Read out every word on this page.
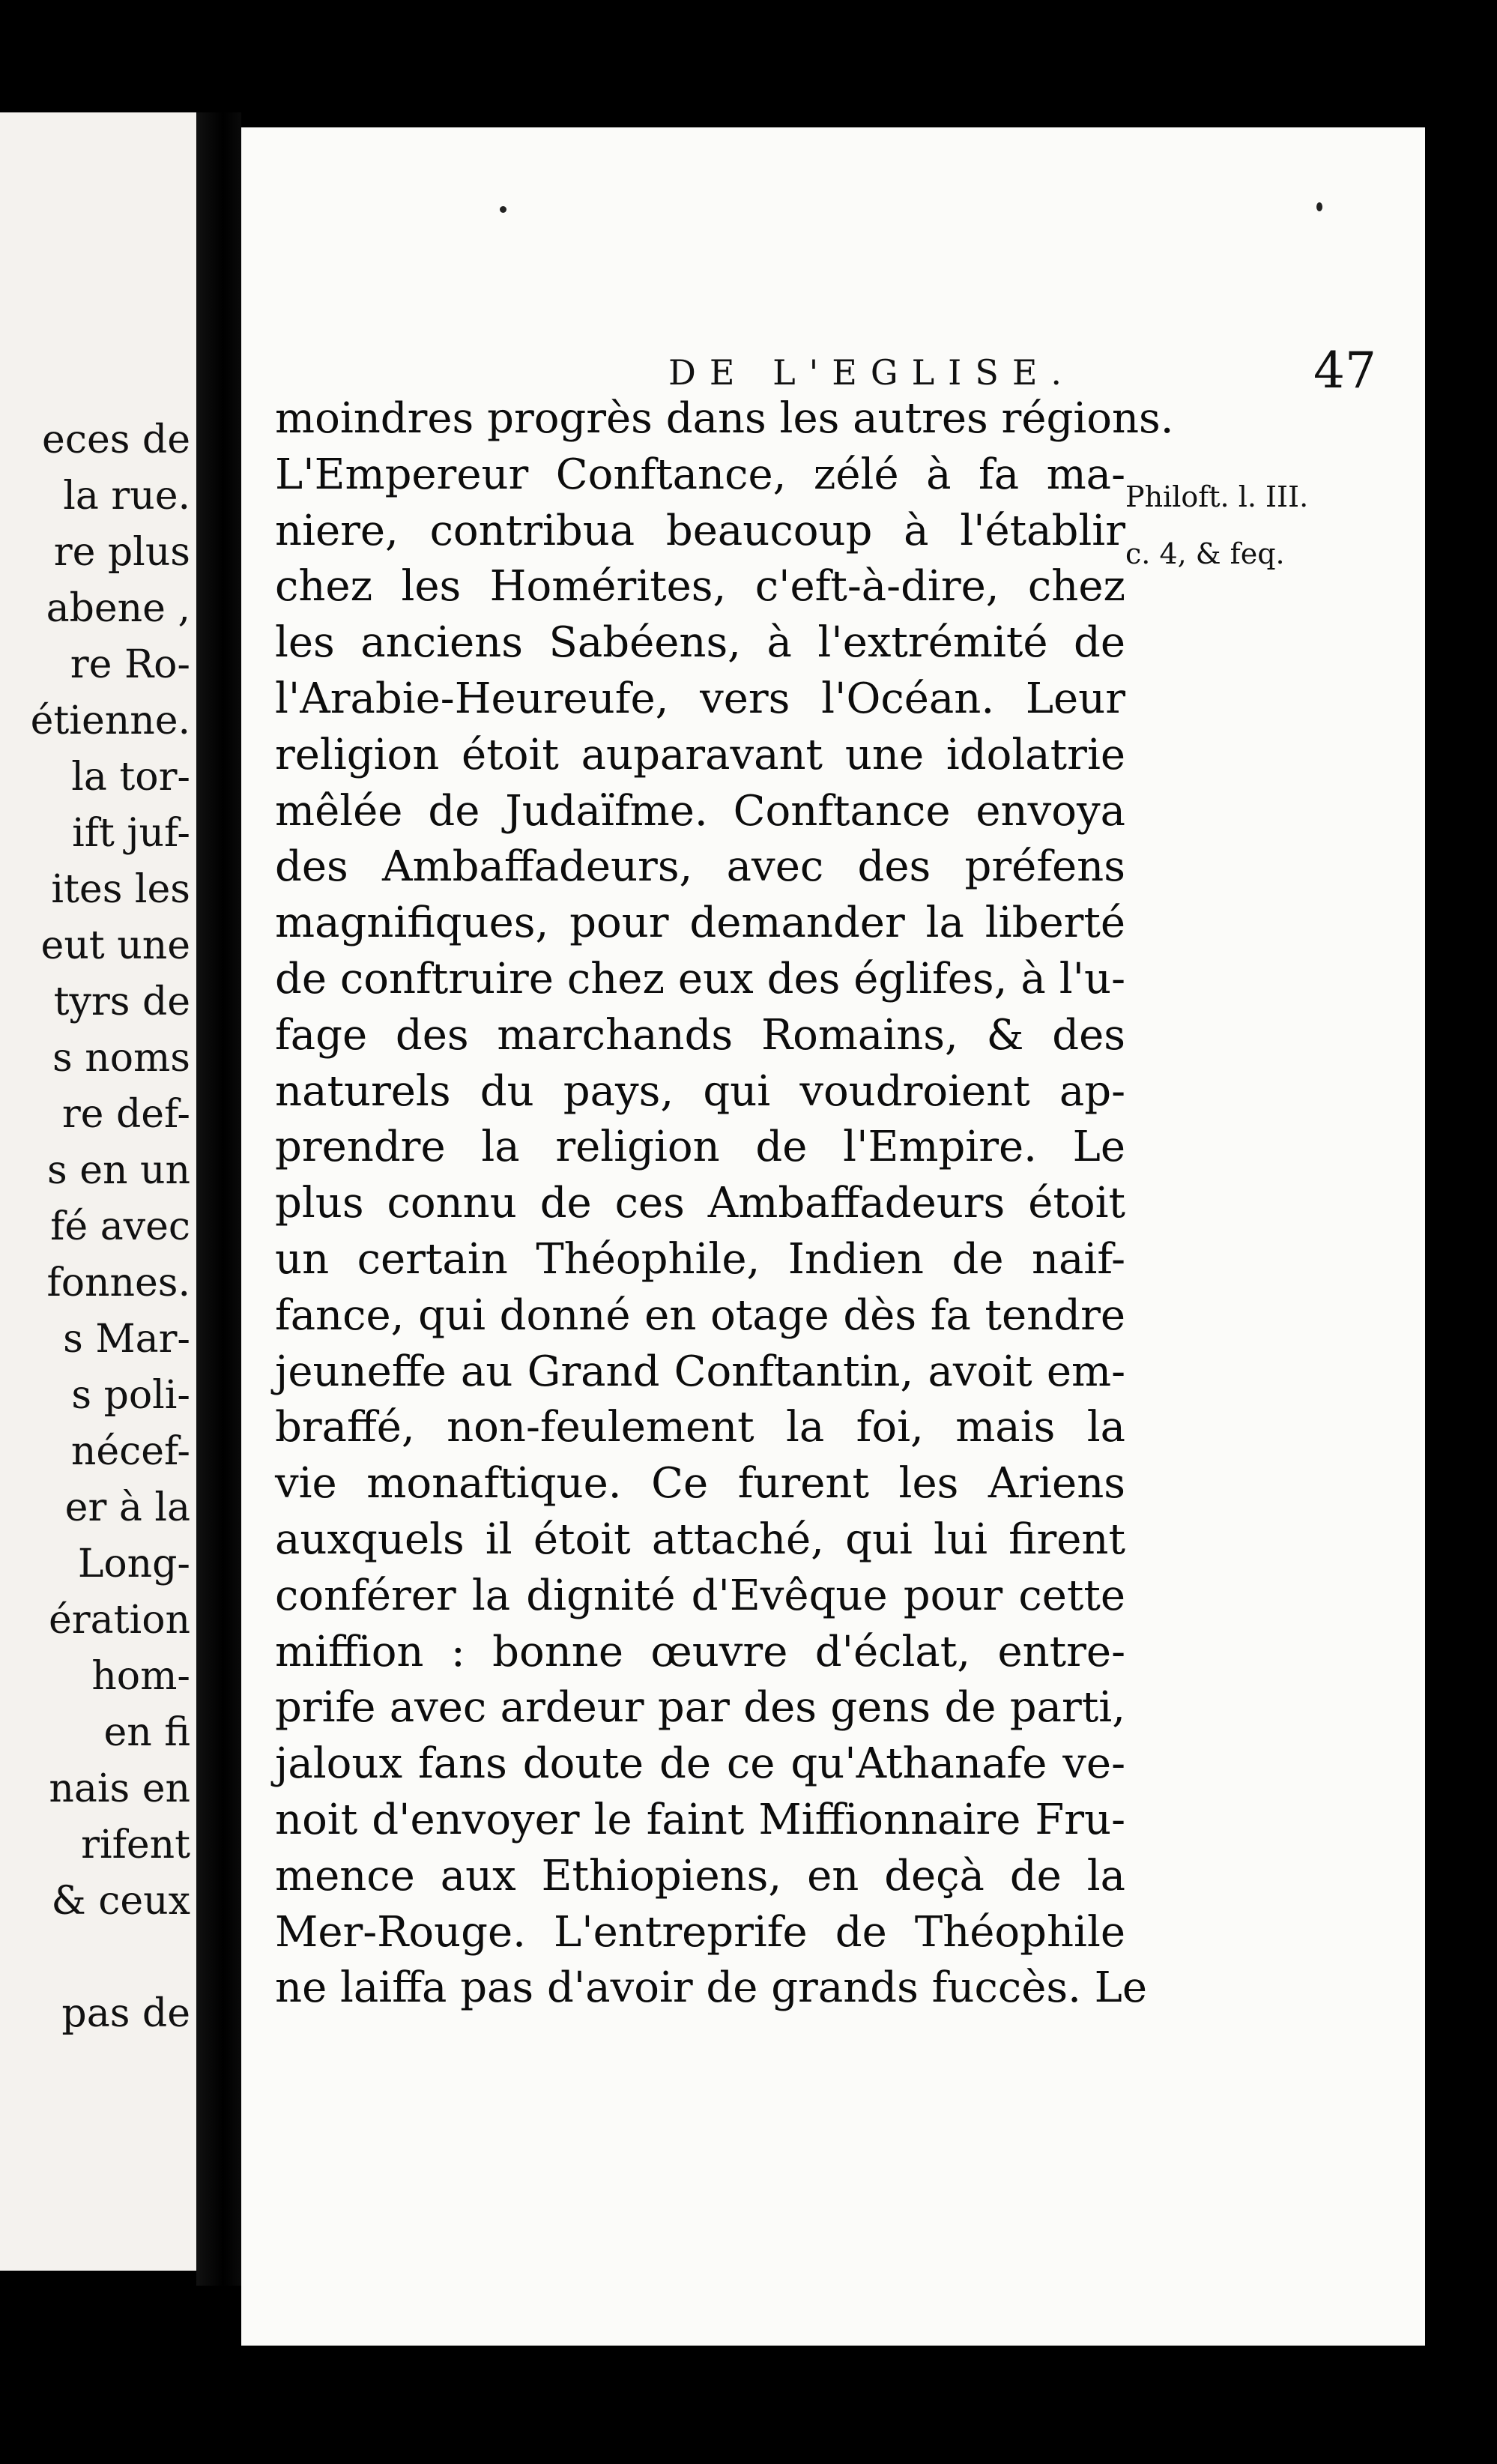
eces de
la rue.
re plus
abene ,
re Ro-
étienne.
la tor-
ift juf-
ites les
eut une
tyrs de
s noms
re def-
s en un
fé avec
fonnes.
s Mar-
s poli-
nécef-
er à la
Long-
ération
hom-
en fi
nais en
rifent
& ceux
pas de
DE L'EGLISE.	47
moindres progrès dans les autres régions.
L'Empereur Conftance, zélé à fa ma-
niere, contribua beaucoup à l'établir
chez les Homérites, c'eft-à-dire, chez
les anciens Sabéens, à l'extrémité de
l'Arabie-Heureufe, vers l'Océan. Leur
religion étoit auparavant une idolatrie
mêlée de Judaïfme. Conftance envoya
des Ambaffadeurs, avec des préfens
magnifiques, pour demander la liberté
de conftruire chez eux des églifes, à l'u-
fage des marchands Romains, & des
naturels du pays, qui voudroient ap-
prendre la religion de l'Empire. Le
plus connu de ces Ambaffadeurs étoit
un certain Théophile, Indien de naif-
fance, qui donné en otage dès fa tendre
jeuneffe au Grand Conftantin, avoit em-
braffé, non-feulement la foi, mais la
vie monaftique. Ce furent les Ariens
auxquels il étoit attaché, qui lui firent
conférer la dignité d'Evêque pour cette
miffion : bonne œuvre d'éclat, entre-
prife avec ardeur par des gens de parti,
jaloux fans doute de ce qu'Athanafe ve-
noit d'envoyer le faint Miffionnaire Fru-
mence aux Ethiopiens, en deçà de la
Mer-Rouge. L'entreprife de Théophile
ne laiffa pas d'avoir de grands fuccès. Le
Philoft. l. III.
c. 4, & feq.
